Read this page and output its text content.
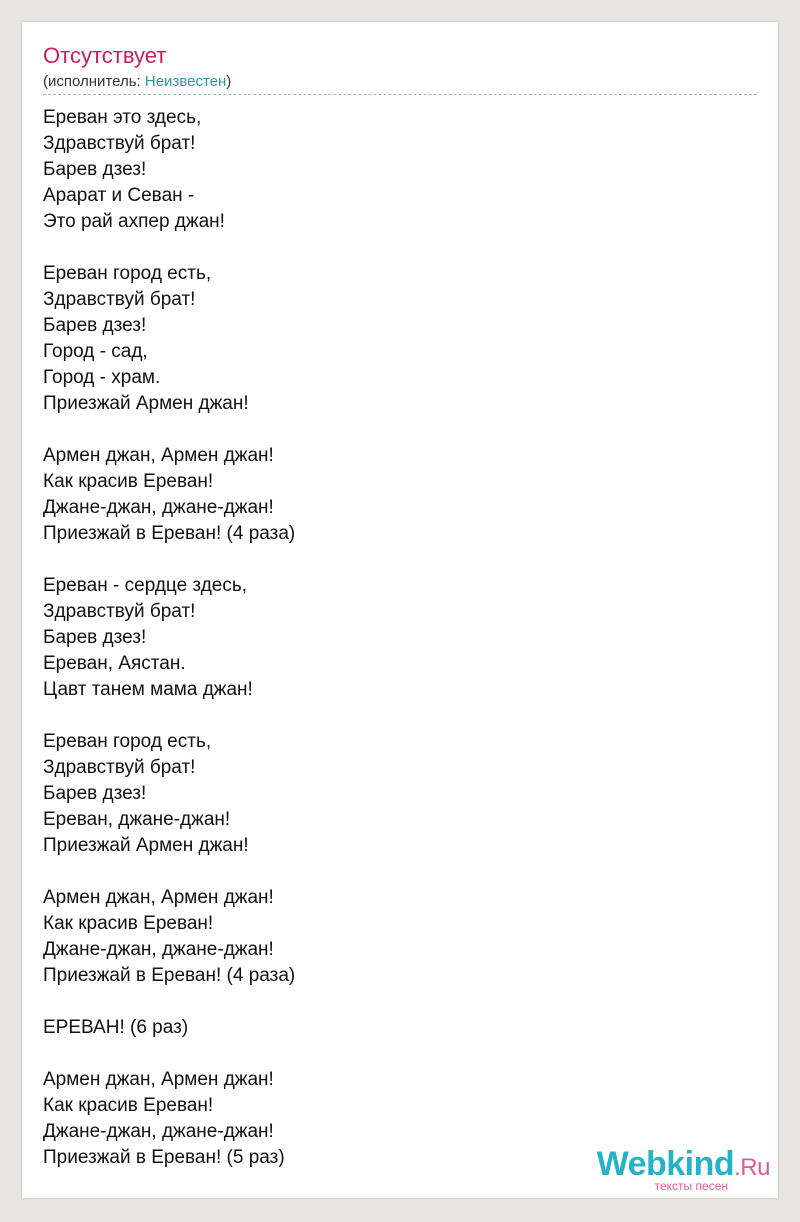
Отсутствует
(исполнитель: Неизвестен)
Ереван это здесь,
Здравствуй брат!
Барев дзез!
Арарат и Севан -
Это рай ахпер джан!
Ереван город есть,
Здравствуй брат!
Барев дзез!
Город - сад,
Город - храм.
Приезжай Армен джан!
Армен джан, Армен джан!
Как красив Ереван!
Джане-джан, джане-джан!
Приезжай в Ереван! (4 раза)
Ереван - сердце здесь,
Здравствуй брат!
Барев дзез!
Ереван, Аястан.
Цавт танем мама джан!
Ереван город есть,
Здравствуй брат!
Барев дзез!
Ереван, джане-джан!
Приезжай Армен джан!
Армен джан, Армен джан!
Как красив Ереван!
Джане-джан, джане-джан!
Приезжай в Ереван! (4 раза)
ЕРЕВАН! (6 раз)
Армен джан, Армен джан!
Как красив Ереван!
Джане-джан, джане-джан!
Приезжай в Ереван! (5 раз)	Webkind.Ru
тексты песен
